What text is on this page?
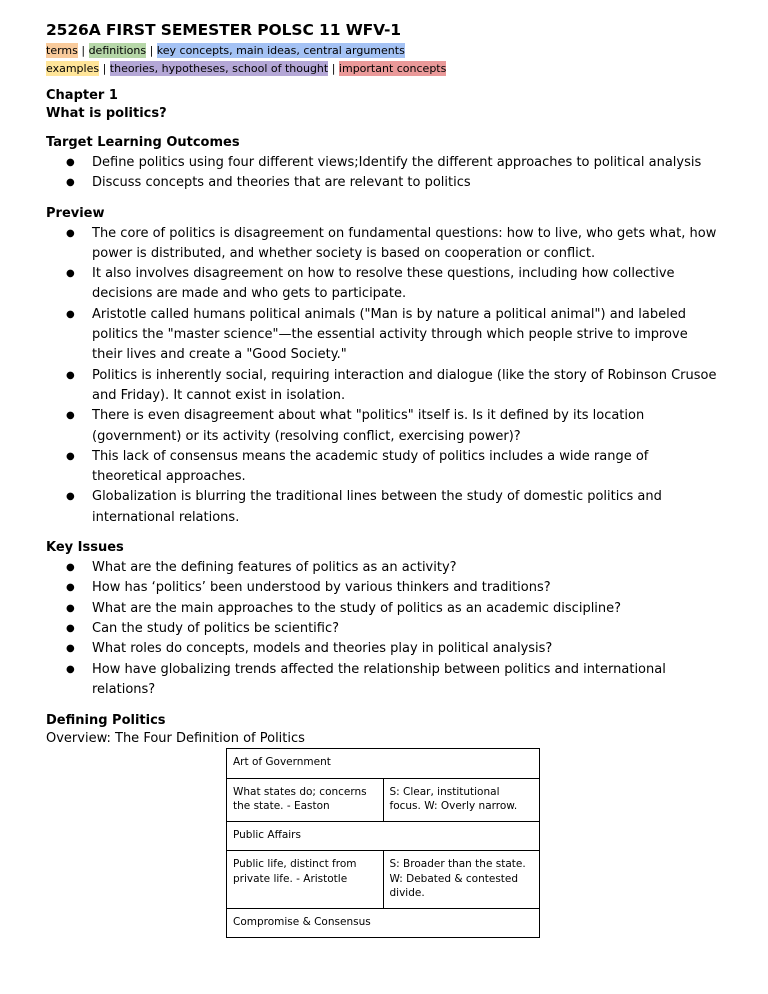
2526A FIRST SEMESTER POLSC 11 WFV-1
terms | definitions | key concepts, main ideas, central arguments
examples | theories, hypotheses, school of thought | important concepts
Chapter 1
What is politics?
Target Learning Outcomes
● Define politics using four different views;Identify the different approaches to political analysis
● Discuss concepts and theories that are relevant to politics
Preview
● The core of politics is disagreement on fundamental questions: how to live, who gets what, how power is distributed, and whether society is based on cooperation or conflict.
● It also involves disagreement on how to resolve these questions, including how collective decisions are made and who gets to participate.
● Aristotle called humans political animals ("Man is by nature a political animal") and labeled politics the "master science"—the essential activity through which people strive to improve their lives and create a "Good Society."
● Politics is inherently social, requiring interaction and dialogue (like the story of Robinson Crusoe and Friday). It cannot exist in isolation.
● There is even disagreement about what "politics" itself is. Is it defined by its location (government) or its activity (resolving conflict, exercising power)?
● This lack of consensus means the academic study of politics includes a wide range of theoretical approaches.
● Globalization is blurring the traditional lines between the study of domestic politics and international relations.
Key Issues
● What are the defining features of politics as an activity?
● How has ‘politics’ been understood by various thinkers and traditions?
● What are the main approaches to the study of politics as an academic discipline?
● Can the study of politics be scientific?
● What roles do concepts, models and theories play in political analysis?
● How have globalizing trends affected the relationship between politics and international relations?
Defining Politics
Overview: The Four Definition of Politics
Art of Government	
What states do; concerns the state. - Easton	S: Clear, institutional focus. W: Overly narrow.
Public Affairs	
Public life, distinct from private life. - Aristotle	S: Broader than the state. W: Debated & contested divide.
Compromise & Consensus	
